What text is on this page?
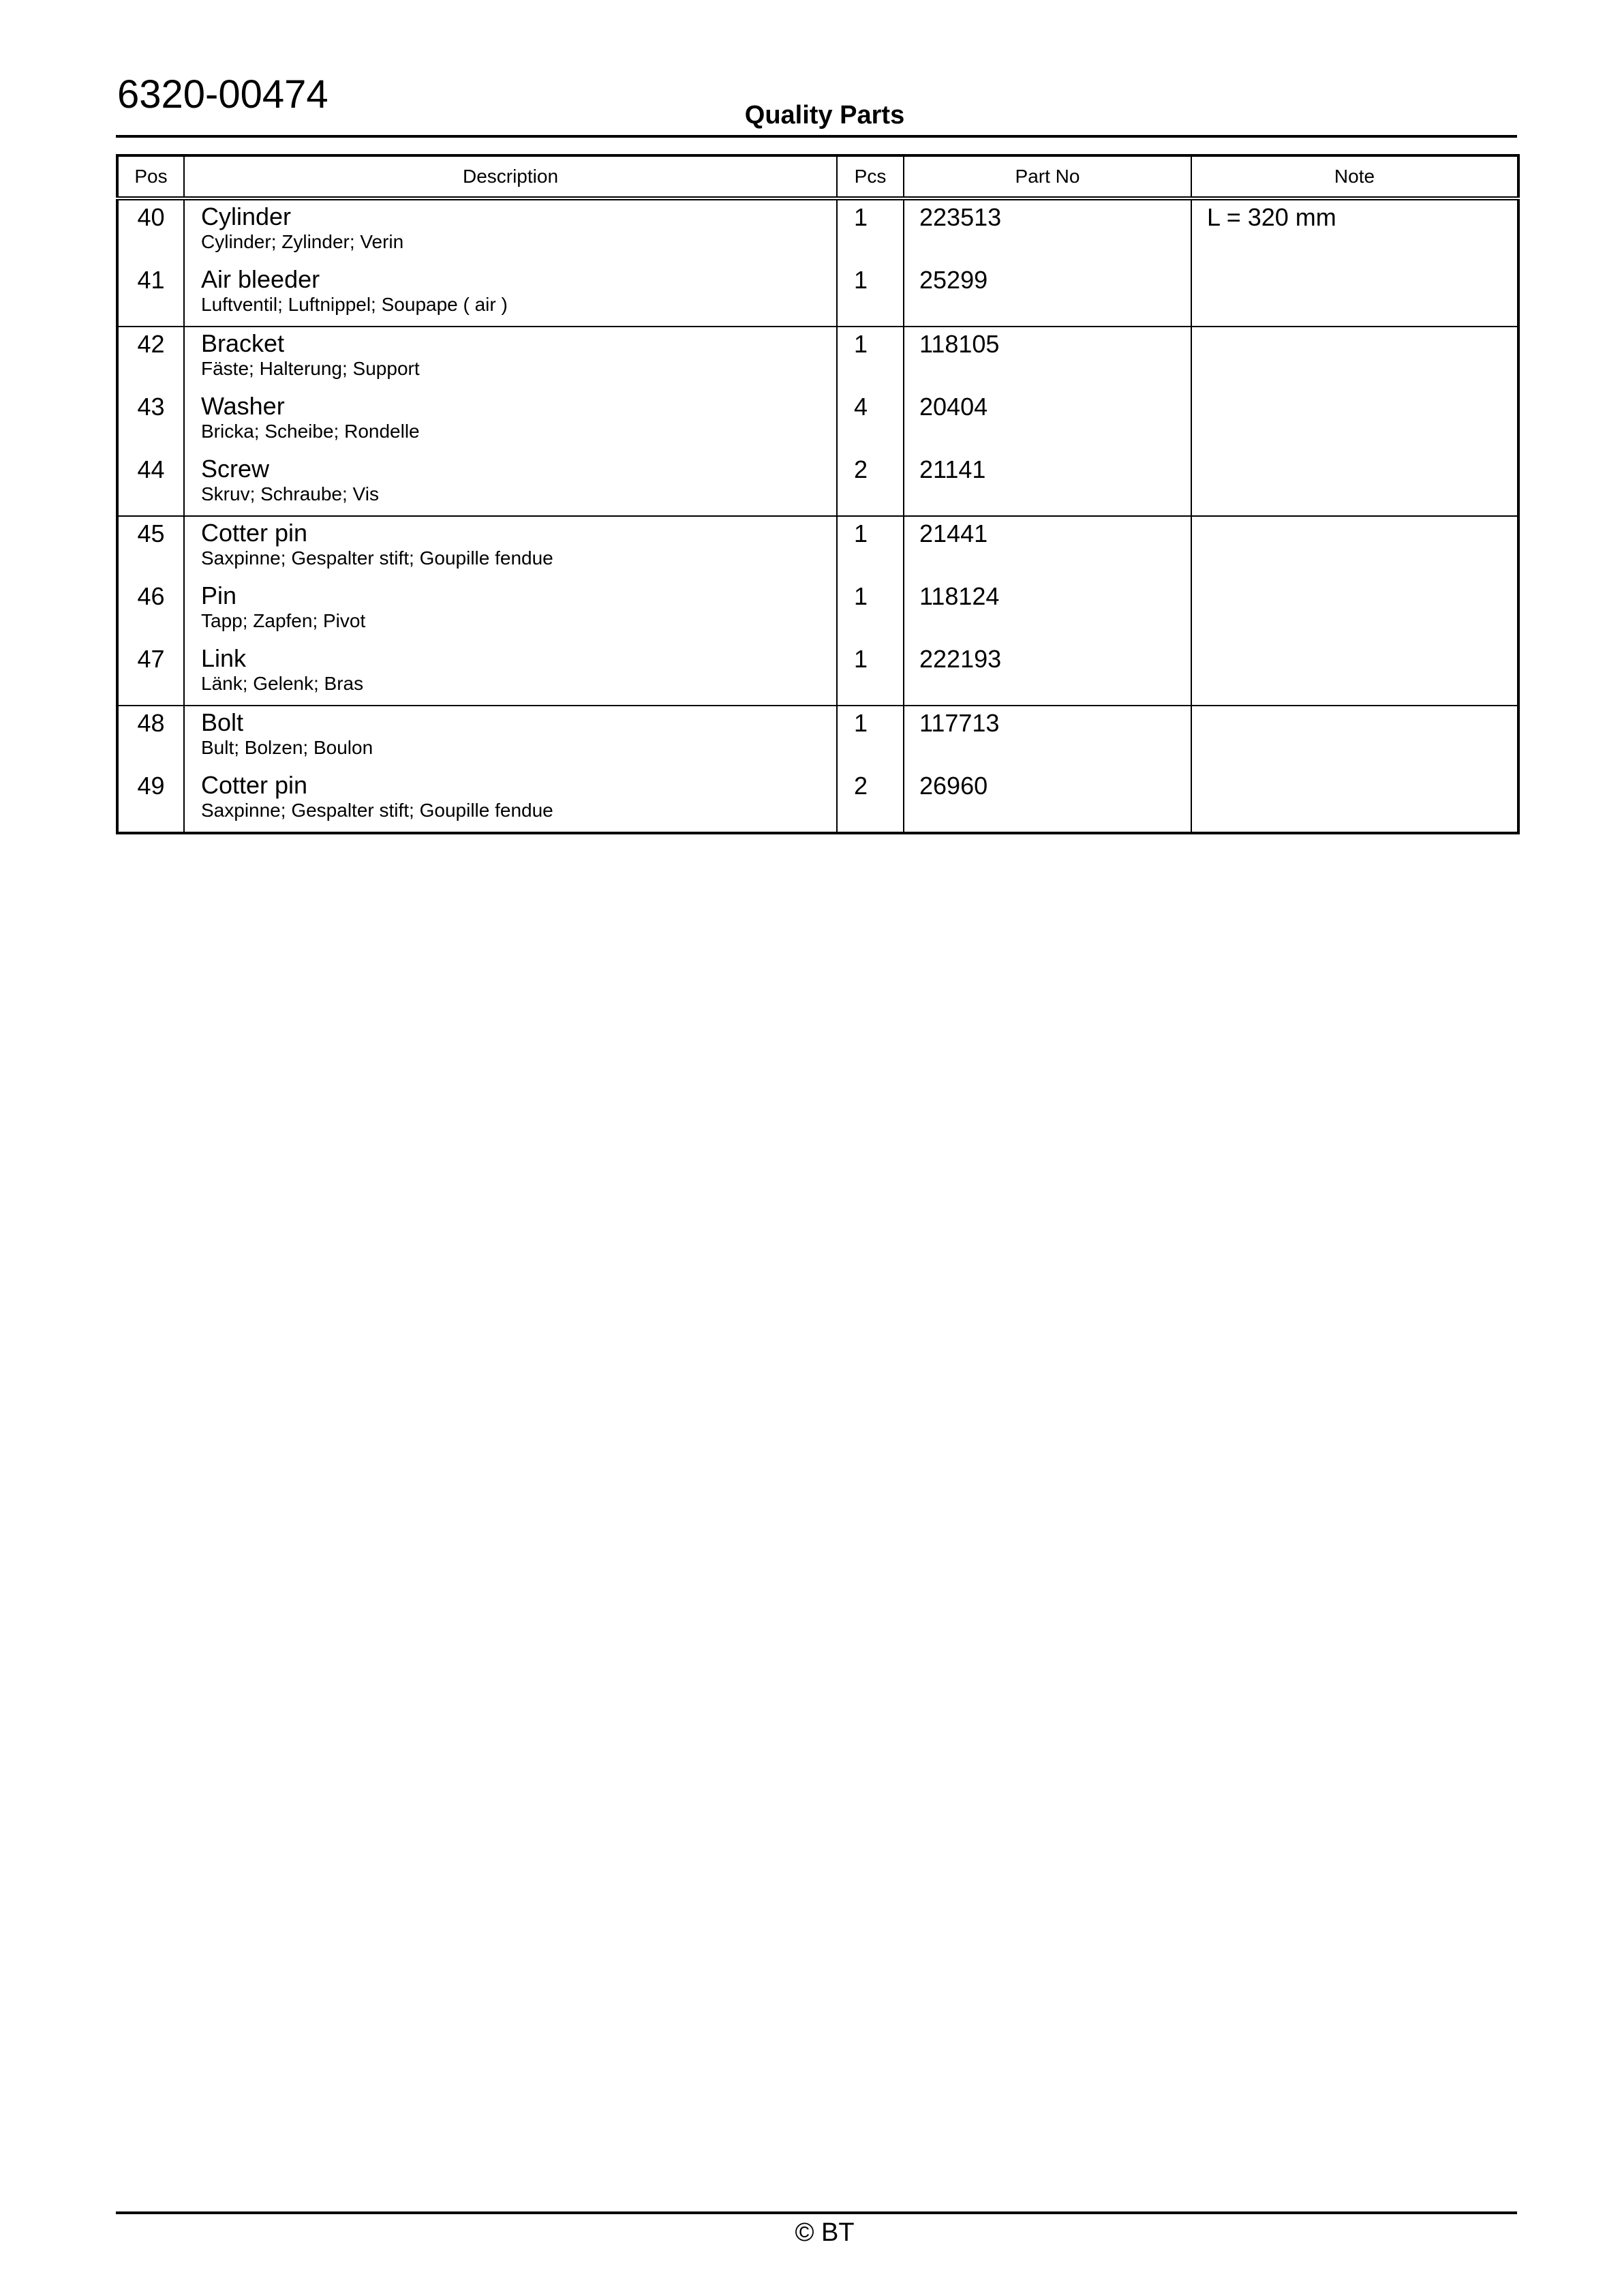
6320-00474	Quality Parts
Pos	Description	Pcs	Part No	Note
40	Cylinder
Cylinder; Zylinder; Verin	1	223513	L = 320 mm
41	Air bleeder
Luftventil; Luftnippel; Soupape ( air )	1	25299	
42	Bracket
Fäste; Halterung; Support	1	118105	
43	Washer
Bricka; Scheibe; Rondelle	4	20404	
44	Screw
Skruv; Schraube; Vis	2	21141	
45	Cotter pin
Saxpinne; Gespalter stift; Goupille fendue	1	21441	
46	Pin
Tapp; Zapfen; Pivot	1	118124	
47	Link
Länk; Gelenk; Bras	1	222193	
48	Bolt
Bult; Bolzen; Boulon	1	117713	
49	Cotter pin
Saxpinne; Gespalter stift; Goupille fendue	2	26960	
© BT
